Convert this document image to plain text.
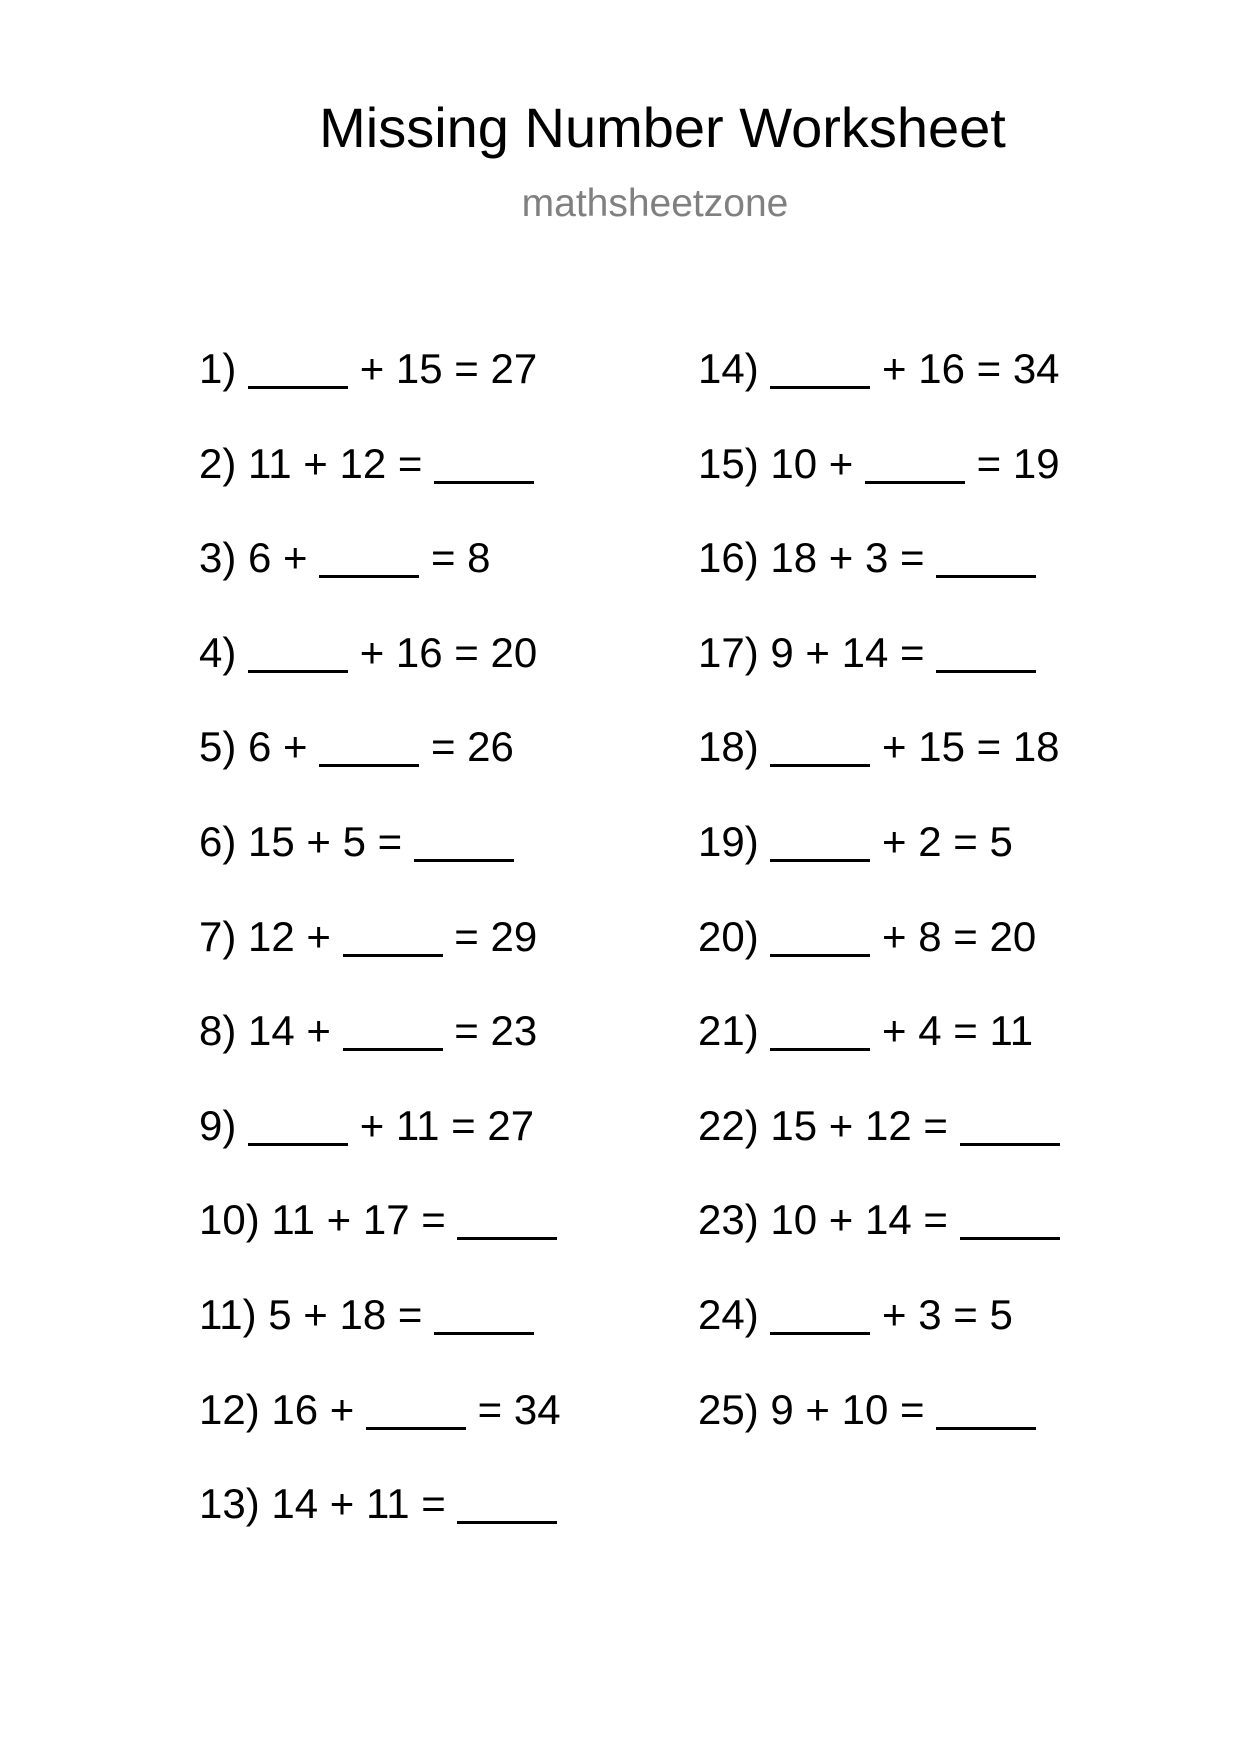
Missing Number Worksheet
mathsheetzone
1)	+ 15 = 27
2) 11 + 12 =
3) 6 +	= 8
4)	+ 16 = 20
5) 6 +	= 26
6) 15 + 5 =
7) 12 +	= 29
8) 14 +	= 23
9)	+ 11 = 27
10) 11 + 17 =
11) 5 + 18 =
12) 16 +	= 34
13) 14 + 11 =
14)	+ 16 = 34
15) 10 +	= 19
16) 18 + 3 =
17) 9 + 14 =
18)	+ 15 = 18
19)	+ 2 = 5
20)	+ 8 = 20
21)	+ 4 = 11
22) 15 + 12 =
23) 10 + 14 =
24)	+ 3 = 5
25) 9 + 10 =
